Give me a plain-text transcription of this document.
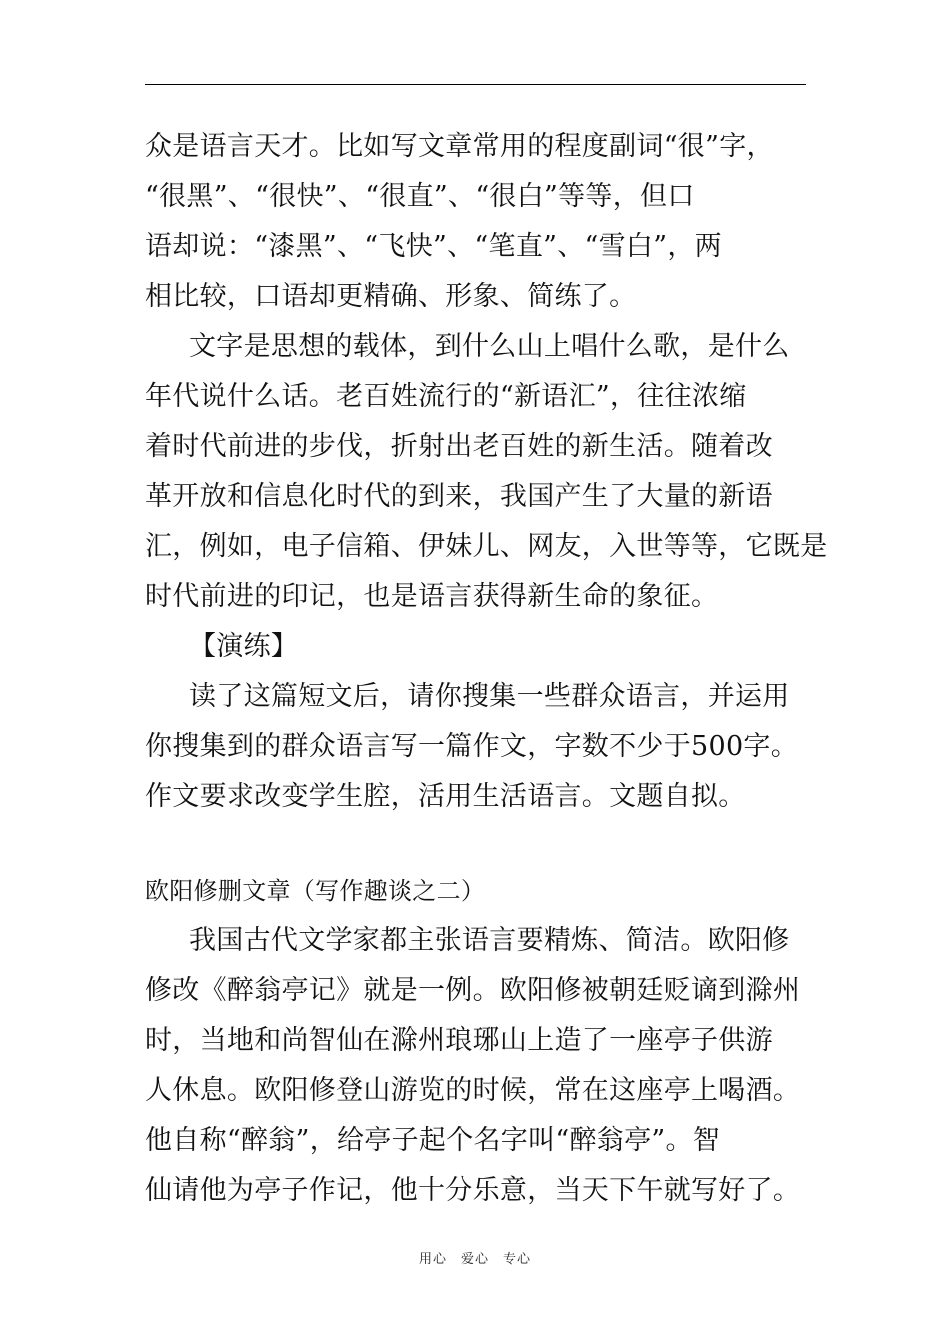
众是语言天才。比如写文章常用的程度副词“很”字，
“很黑”、“很快”、“很直”、“很白”等等，但口
语却说：“漆黑”、“飞快”、“笔直”、“雪白”，两
相比较，口语却更精确、形象、简练了。
文字是思想的载体，到什么山上唱什么歌，是什么
年代说什么话。老百姓流行的“新语汇”，往往浓缩
着时代前进的步伐，折射出老百姓的新生活。随着改
革开放和信息化时代的到来，我国产生了大量的新语
汇，例如，电子信箱、伊妹儿、网友，入世等等，它既是
时代前进的印记，也是语言获得新生命的象征。
【演练】
读了这篇短文后，请你搜集一些群众语言，并运用
你搜集到的群众语言写一篇作文，字数不少于500字。
作文要求改变学生腔，活用生活语言。文题自拟。
欧阳修删文章（写作趣谈之二）
我国古代文学家都主张语言要精炼、简洁。欧阳修
修改《醉翁亭记》就是一例。欧阳修被朝廷贬谪到滁州
时，当地和尚智仙在滁州琅琊山上造了一座亭子供游
人休息。欧阳修登山游览的时候，常在这座亭上喝酒。
他自称“醉翁”，给亭子起个名字叫“醉翁亭”。智
仙请他为亭子作记，他十分乐意，当天下午就写好了。
用心　爱心　专心
